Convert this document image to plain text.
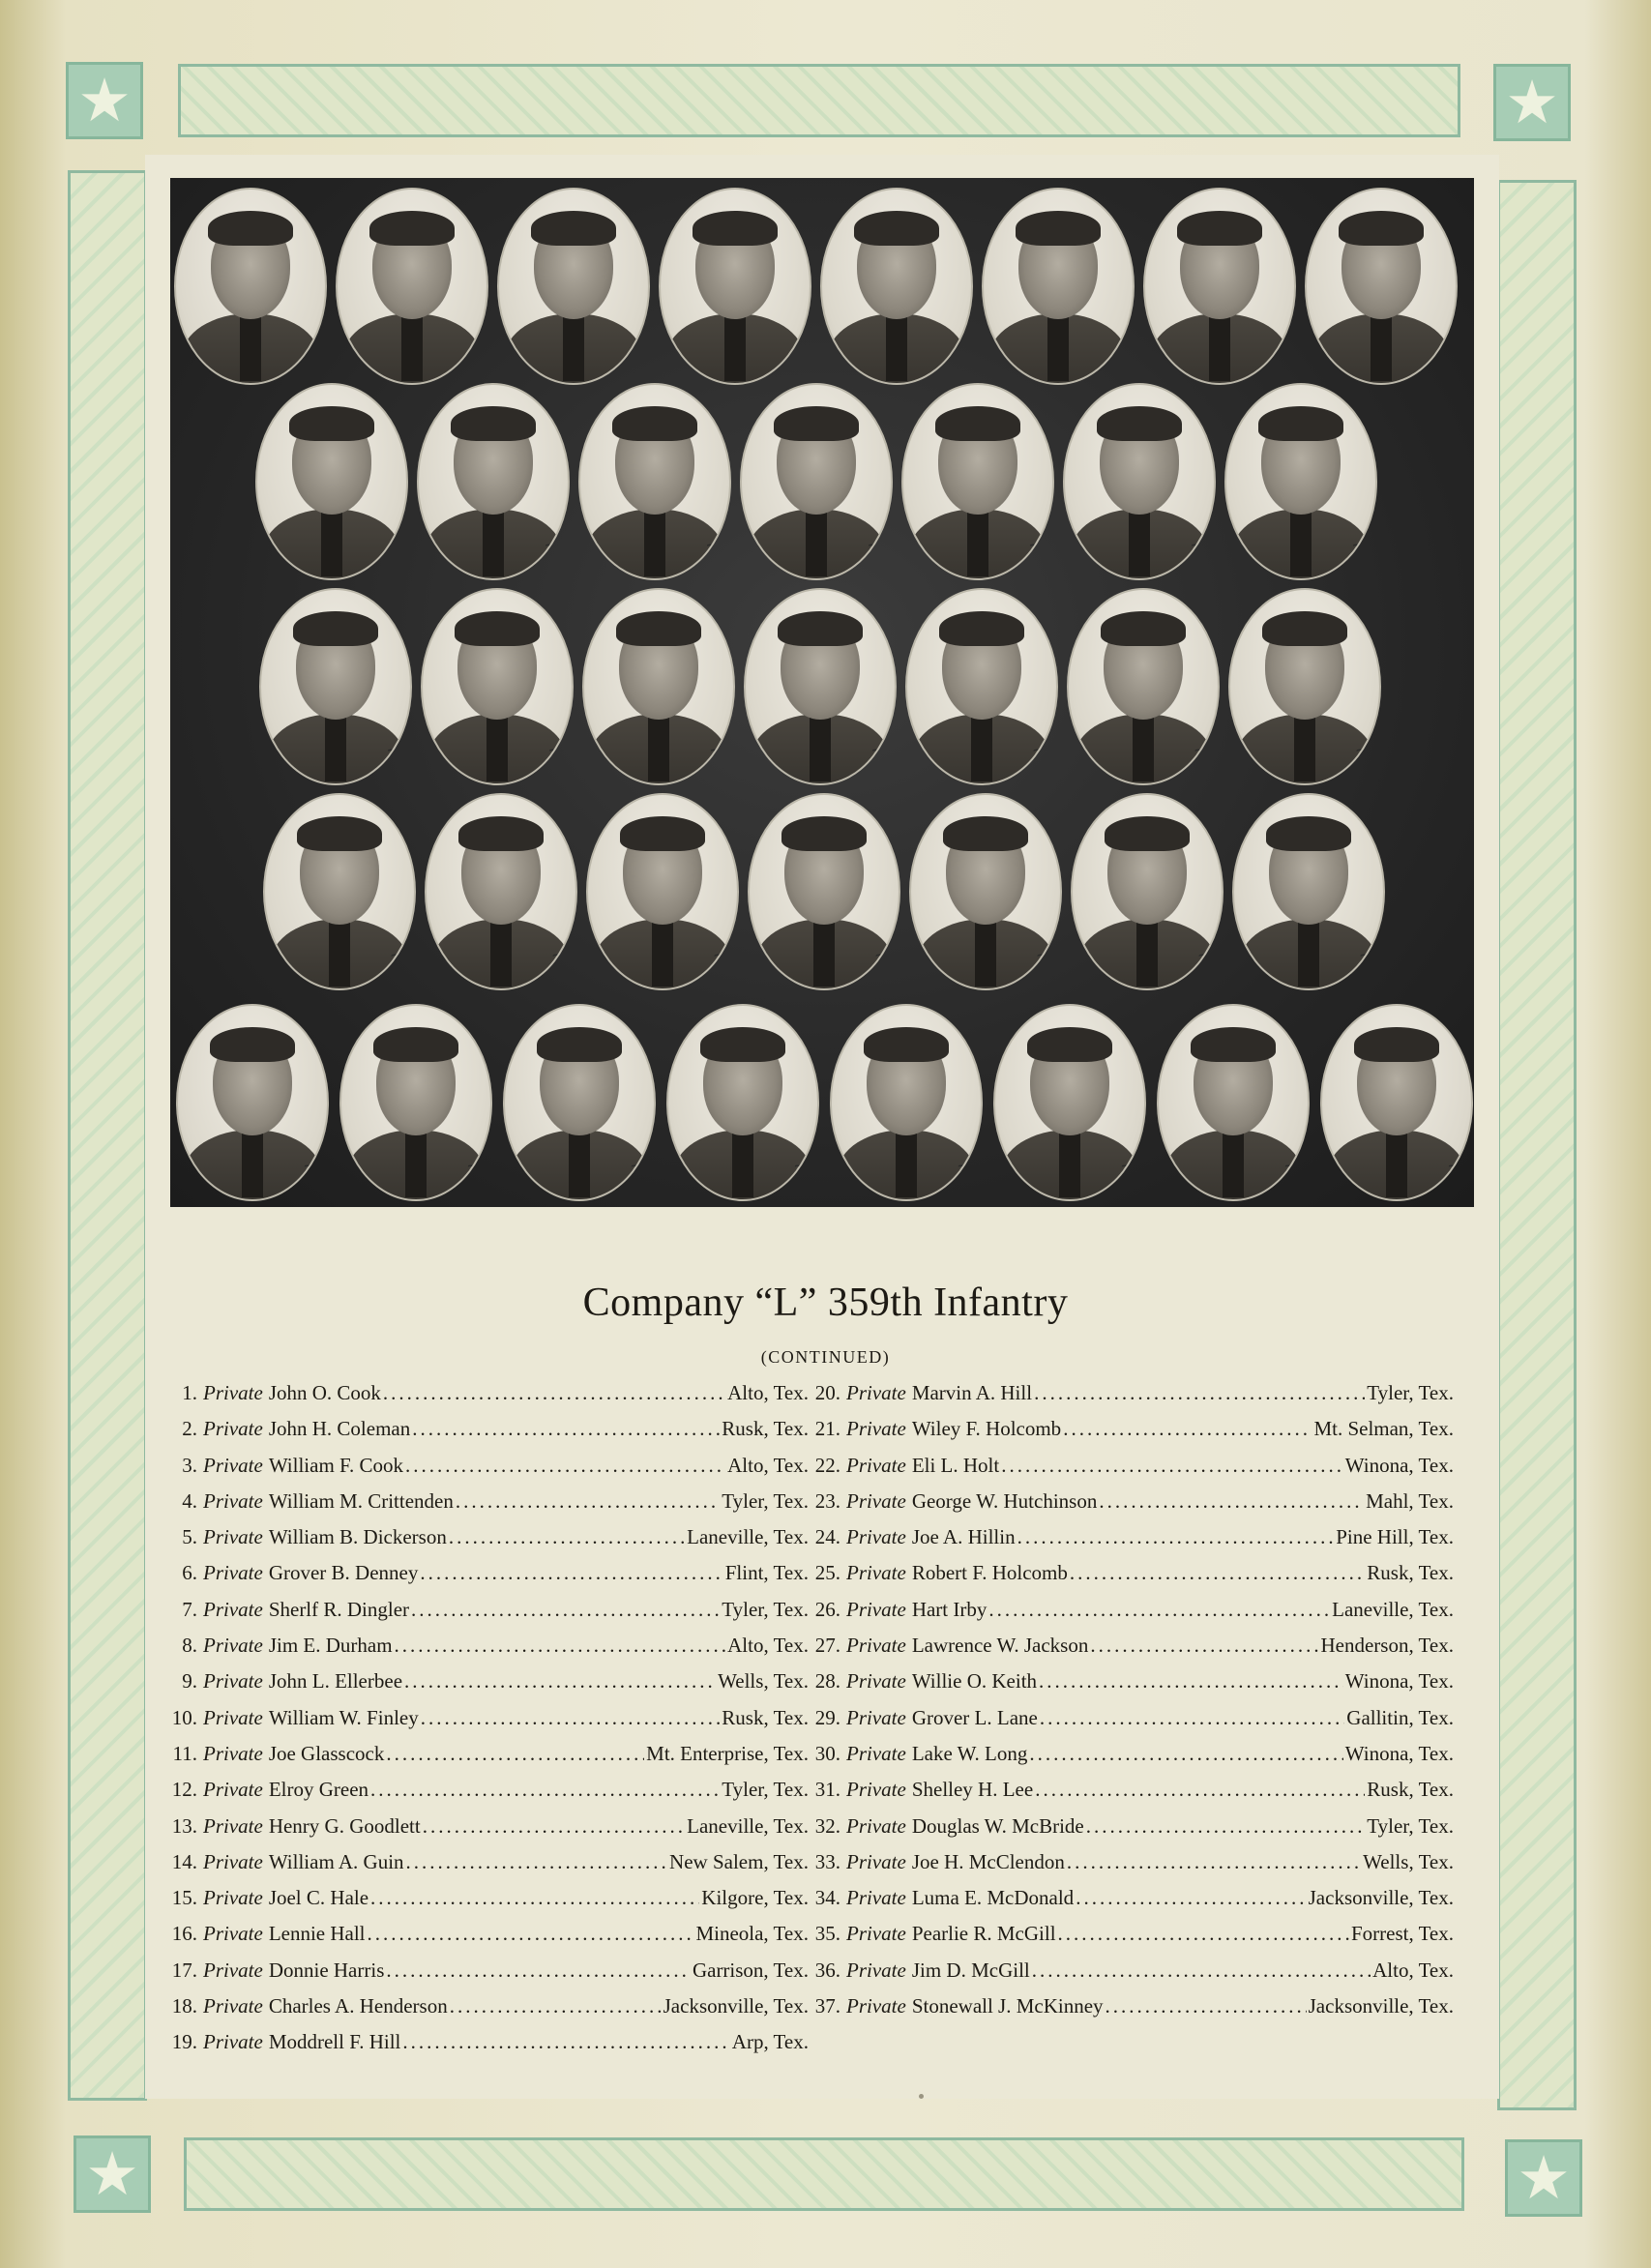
★	★
★	★
1	2	3	4	5	6	7	8
9	10	11	12	13	14	15
16	17	18	19	20	21	22
23	24	25	26	27	28	29
30	31	32	33	34	35	36	37
Company “L” 359th Infantry
(CONTINUED)
1. Private John O. Cook .....	Alto, Tex.
2. Private John H. Coleman .....	Rusk, Tex.
3. Private William F. Cook .....	Alto, Tex.
4. Private William M. Crittenden .....	Tyler, Tex.
5. Private William B. Dickerson .....	Laneville, Tex.
6. Private Grover B. Denney .....	Flint, Tex.
7. Private Sherlf R. Dingler .....	Tyler, Tex.
8. Private Jim E. Durham .....	Alto, Tex.
9. Private John L. Ellerbee .....	Wells, Tex.
10. Private William W. Finley .....	Rusk, Tex.
11. Private Joe Glasscock .....	Mt. Enterprise, Tex.
12. Private Elroy Green .....	Tyler, Tex.
13. Private Henry G. Goodlett .....	Laneville, Tex.
14. Private William A. Guin .....	New Salem, Tex.
15. Private Joel C. Hale .....	Kilgore, Tex.
16. Private Lennie Hall .....	Mineola, Tex.
17. Private Donnie Harris .....	Garrison, Tex.
18. Private Charles A. Henderson .....	Jacksonville, Tex.
19. Private Moddrell F. Hill .....	Arp, Tex.
20. Private Marvin A. Hill .....	Tyler, Tex.
21. Private Wiley F. Holcomb .....	Mt. Selman, Tex.
22. Private Eli L. Holt .....	Winona, Tex.
23. Private George W. Hutchinson .....	Mahl, Tex.
24. Private Joe A. Hillin .....	Pine Hill, Tex.
25. Private Robert F. Holcomb .....	Rusk, Tex.
26. Private Hart Irby .....	Laneville, Tex.
27. Private Lawrence W. Jackson .....	Henderson, Tex.
28. Private Willie O. Keith .....	Winona, Tex.
29. Private Grover L. Lane .....	Gallitin, Tex.
30. Private Lake W. Long .....	Winona, Tex.
31. Private Shelley H. Lee .....	Rusk, Tex.
32. Private Douglas W. McBride .....	Tyler, Tex.
33. Private Joe H. McClendon .....	Wells, Tex.
34. Private Luma E. McDonald .....	Jacksonville, Tex.
35. Private Pearlie R. McGill .....	Forrest, Tex.
36. Private Jim D. McGill .....	Alto, Tex.
37. Private Stonewall J. McKinney .....	Jacksonville, Tex.
